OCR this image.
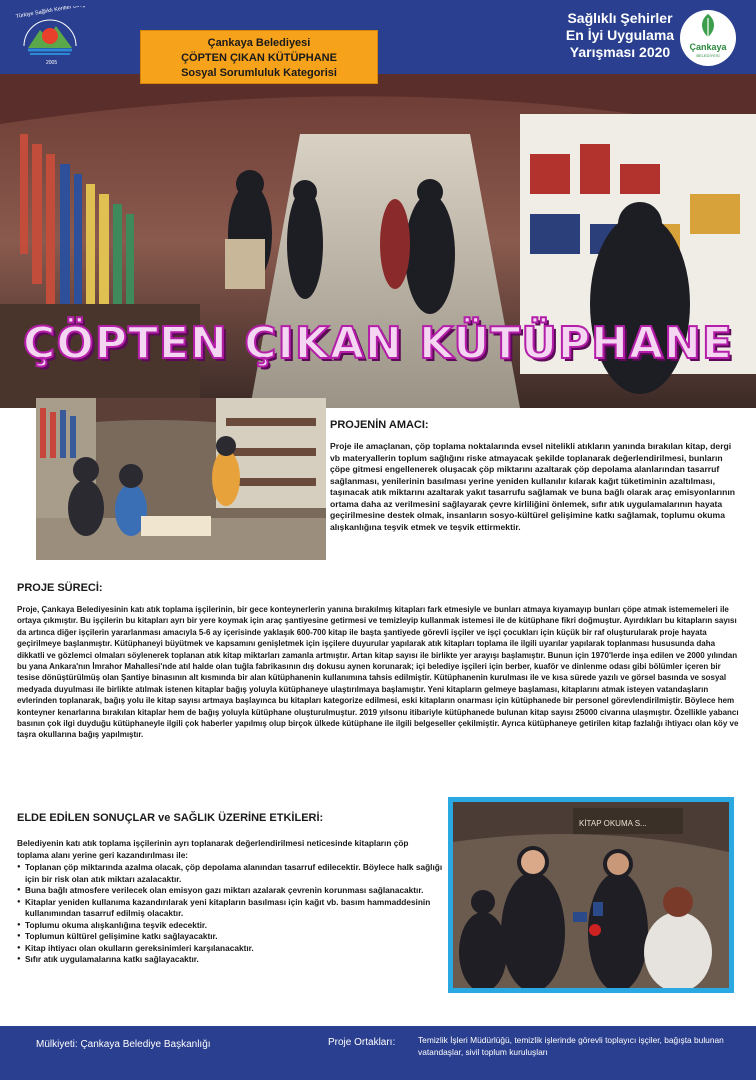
Türkiye Sağlıklı Kentler Birliği
2005
Sağlıklı Şehirler
En İyi Uygulama
Yarışması 2020	Çankaya
BELEDİYESİ
Çankaya Belediyesi
ÇÖPTEN ÇIKAN KÜTÜPHANE
Sosyal Sorumluluk Kategorisi
ÇÖPTEN ÇIKAN KÜTÜPHANE
PROJENİN AMACI:

Proje ile amaçlanan, çöp toplama noktalarında evsel nitelikli atıkların yanında bırakılan kitap, dergi vb materyallerin toplum sağlığını riske atmayacak şekilde toplanarak değerlendirilmesi, bunların çöpe gitmesi engellenerek oluşacak çöp miktarını azaltarak çöp depolama alanlarından tasarruf sağlanması, yenilerinin basılması yerine yeniden kullanılır kılarak kağıt tüketiminin azaltılması, taşınacak atık miktarını azaltarak yakıt tasarrufu sağlamak ve buna bağlı olarak araç emisyonlarının ortama daha az verilmesini sağlayarak çevre kirliliğini önlemek, sıfır atık uygulamalarının hayata geçirilmesine destek olmak, insanların sosyo-kültürel gelişimine katkı sağlamak, toplumu okuma alışkanlığına teşvik etmek ve teşvik ettirmektir.

PROJE SÜRECİ:

Proje, Çankaya Belediyesinin katı atık toplama işçilerinin, bir gece konteynerlerin yanına bırakılmış kitapları fark etmesiyle ve bunları atmaya kıyamayıp bunları çöpe atmak istememeleri ile ortaya çıkmıştır. Bu işçilerin bu kitapları ayrı bir yere koymak için araç şantiyesine getirmesi ve temizleyip kullanmak istemesi ile de kütüphane fikri doğmuştur. Ayırdıkları bu kitapların sayısı da artınca diğer işçilerin yararlanması amacıyla 5-6 ay içerisinde yaklaşık 600-700 kitap ile başta şantiyede görevli işçiler ve işçi çocukları için küçük bir raf oluşturularak proje hayata geçirilmeye başlanmıştır. Kütüphaneyi büyütmek ve kapsamını genişletmek için işçilere duyurular yapılarak atık kitapları toplama ile ilgili uyarılar yapılarak toplanması hususunda daha dikkatli ve gözlemci olmaları söylenerek toplanan atık kitap miktarları zamanla artmıştır. Artan kitap sayısı ile birlikte yer arayışı başlamıştır. Bunun için 1970'lerde inşa edilen ve 2000 yılından bu yana Ankara'nın İmrahor Mahallesi'nde atıl halde olan tuğla fabrikasının dış dokusu aynen korunarak; içi belediye işçileri için berber, kuaför ve dinlenme odası gibi bölümler içeren bir tesise dönüştürülmüş olan Şantiye binasının alt kısmında bir alan kütüphanenin kullanımına tahsis edilmiştir. Kütüphanenin kurulması ile ve kısa sürede yazılı ve görsel basında ve sosyal medyada duyulması ile birlikte atılmak istenen kitaplar bağış yoluyla kütüphaneye ulaştırılmaya başlamıştır. Yeni kitapların gelmeye başlaması, kitaplarını atmak isteyen vatandaşların evlerinden toplanarak, bağış yolu ile kitap sayısı artmaya başlayınca bu kitapları kategorize edilmesi, eski kitapların onarması için kütüphanede bir personel görevlendirilmiştir. Böylece hem konteyner kenarlarına bırakılan kitaplar hem de bağış yoluyla kütüphane oluşturulmuştur. 2019 yılsonu itibariyle kütüphanede bulunan kitap sayısı 25000 civarına ulaşmıştır. Özellikle yabancı basının çok ilgi duyduğu kütüphaneyle ilgili çok haberler yapılmış olup birçok ülkede kütüphane ile ilgili belgeseller çekilmiştir. Ayrıca kütüphaneye getirilen kitap fazlalığı ihtiyacı olan köy ve taşra okullarına bağış yapılmıştır.

ELDE EDİLEN SONUÇLAR ve SAĞLIK ÜZERİNE ETKİLERİ:

Belediyenin katı atık toplama işçilerinin ayrı toplanarak değerlendirilmesi neticesinde kitapların çöp toplama alanı yerine geri kazandırılması ile:

● Toplanan çöp miktarında azalma olacak, çöp depolama alanından tasarruf edilecektir. Böylece halk sağlığı için bir risk olan atık miktarı azalacaktır.
● Buna bağlı atmosfere verilecek olan emisyon gazı miktarı azalarak çevrenin korunması sağlanacaktır.
● Kitaplar yeniden kullanıma kazandırılarak yeni kitapların basılması için kağıt vb. basım hammaddesinin kullanımından tasarruf edilmiş olacaktır.
● Toplumu okuma alışkanlığına teşvik edecektir.
● Toplumun kültürel gelişimine katkı sağlayacaktır.
● Kitap ihtiyacı olan okulların gereksinimleri karşılanacaktır.
● Sıfır atık uygulamalarına katkı sağlayacaktır.
KİTAP OKUMA S...
Mülkiyeti: Çankaya Belediye Başkanlığı	Proje Ortakları:	Temizlik İşleri Müdürlüğü, temizlik işlerinde görevli toplayıcı işçiler, bağışta bulunan vatandaşlar, sivil toplum kuruluşları
